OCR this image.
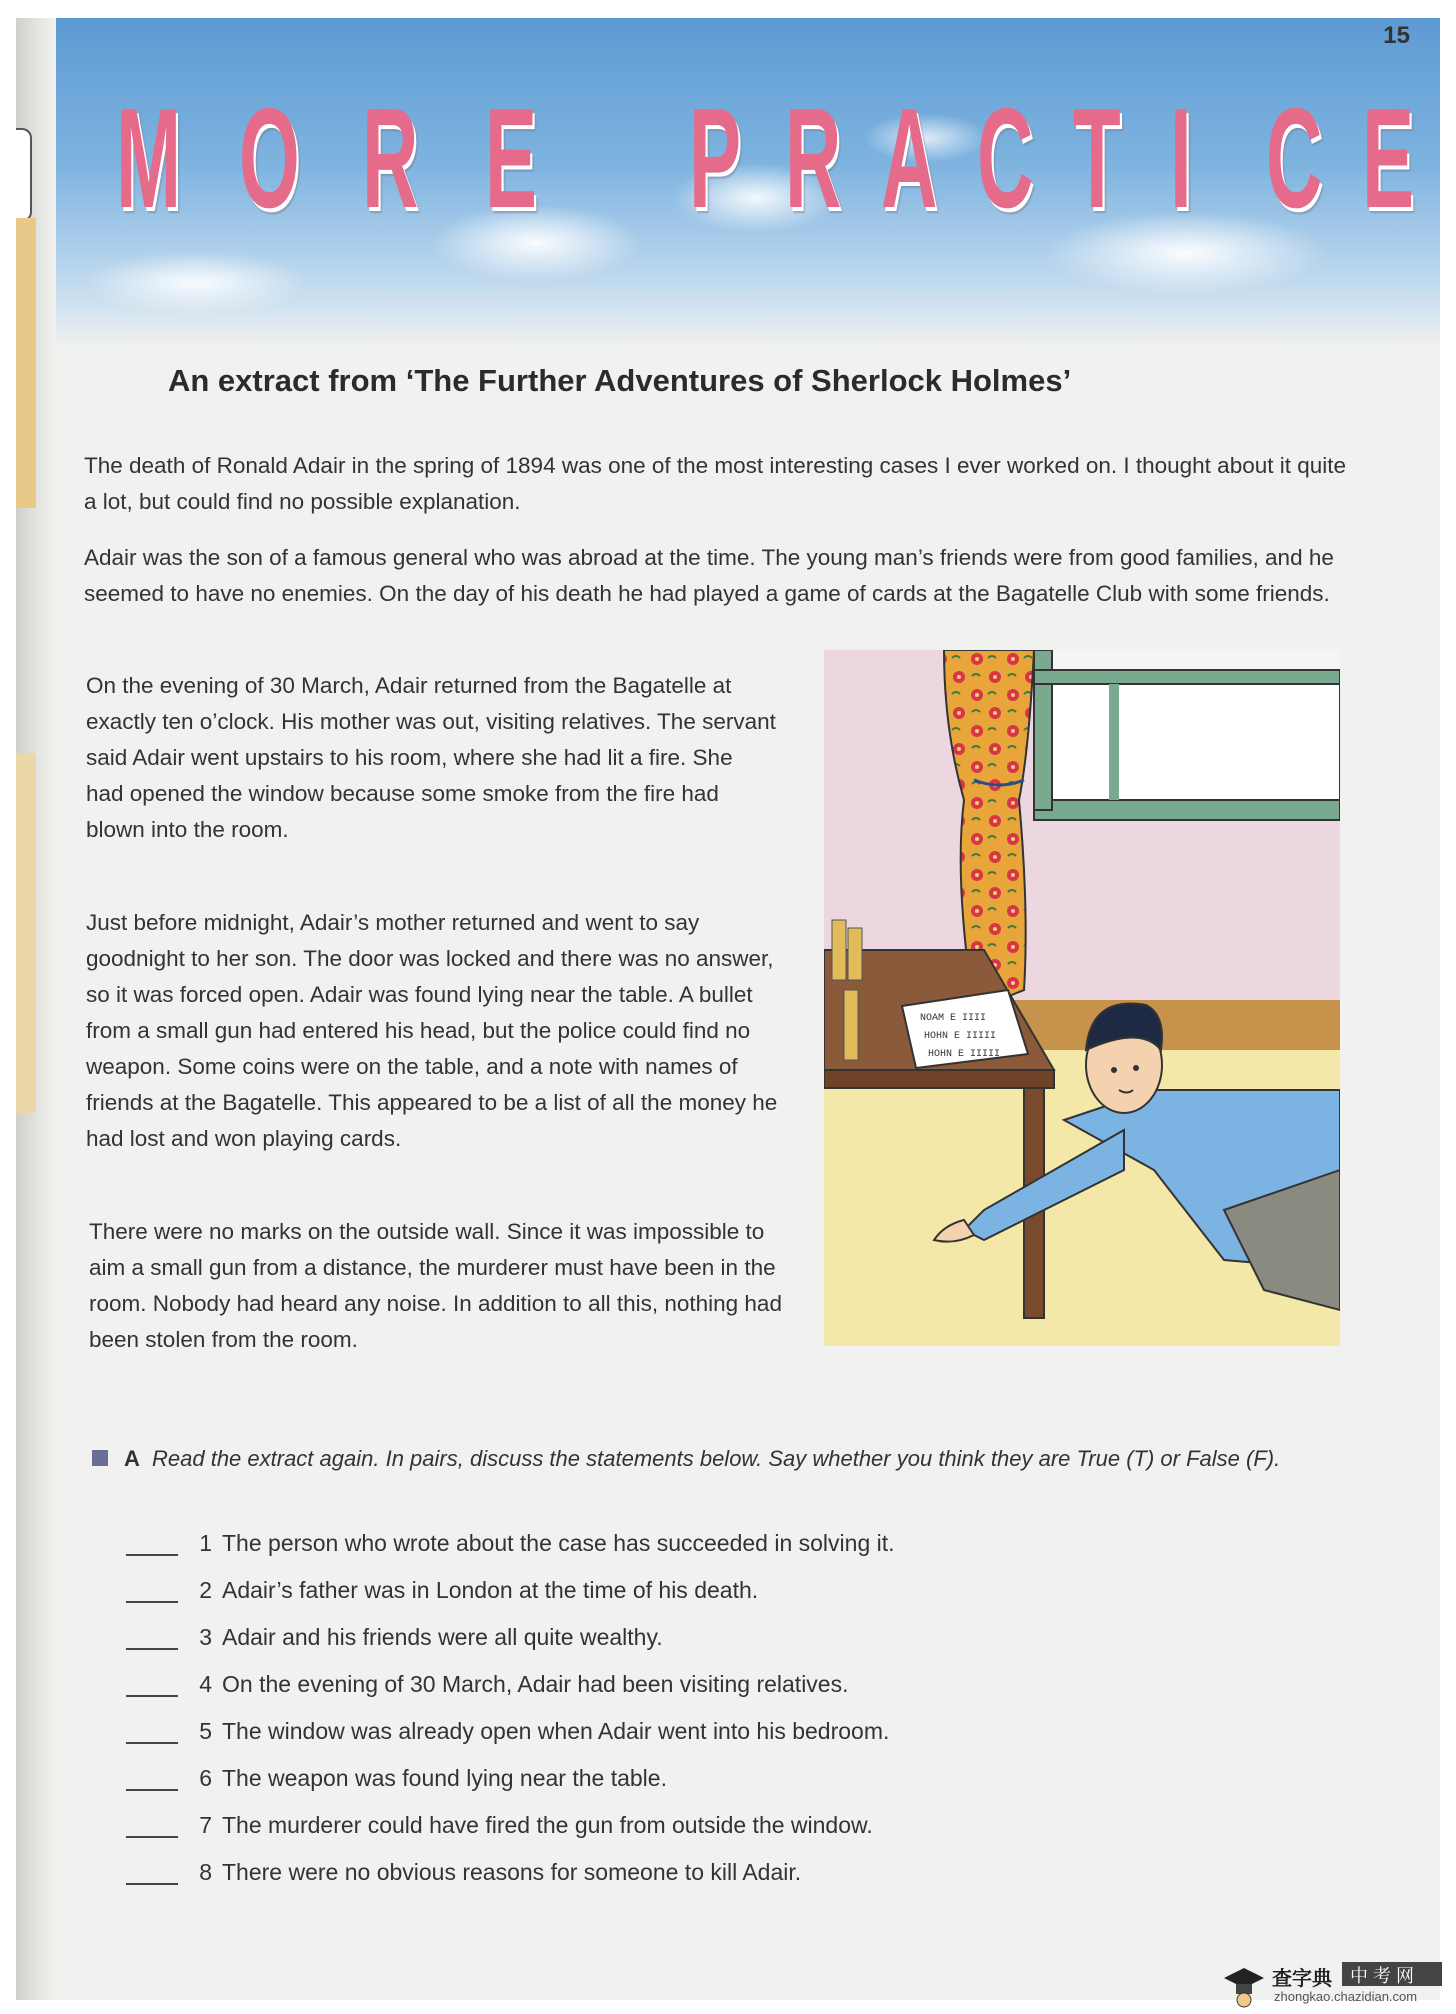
15
M O R E P R A C T I C E
An extract from ‘The Further Adventures of Sherlock Holmes’

The death of Ronald Adair in the spring of 1894 was one of the most interesting cases I ever worked on. I thought about it quite a lot, but could find no possible explanation.

Adair was the son of a famous general who was abroad at the time. The young man’s friends were from good families, and he seemed to have no enemies. On the day of his death he had played a game of cards at the Bagatelle Club with some friends.

On the evening of 30 March, Adair returned from the Bagatelle at exactly ten o’clock. His mother was out, visiting relatives. The servant said Adair went upstairs to his room, where she had lit a fire. She had opened the window because some smoke from the fire had blown into the room.

Just before midnight, Adair’s mother returned and went to say goodnight to her son. The door was locked and there was no answer, so it was forced open. Adair was found lying near the table. A bullet from a small gun had entered his head, but the police could find no weapon. Some coins were on the table, and a note with names of friends at the Bagatelle. This appeared to be a list of all the money he had lost and won playing cards.

There were no marks on the outside wall. Since it was impossible to aim a small gun from a distance, the murderer must have been in the room. Nobody had heard any noise. In addition to all this, nothing had been stolen from the room.

NOAM E IIII
HOHN E IIIII
HOHN E IIIII
A Read the extract again. In pairs, discuss the statements below. Say whether you think they are True (T) or False (F).
1 The person who wrote about the case has succeeded in solving it.
2 Adair’s father was in London at the time of his death.
3 Adair and his friends were all quite wealthy.
4 On the evening of 30 March, Adair had been visiting relatives.
5 The window was already open when Adair went into his bedroom.
6 The weapon was found lying near the table.
7 The murderer could have fired the gun from outside the window.
8 There were no obvious reasons for someone to kill Adair.
查字典 中 考 网
zhongkao.chazidian.com
